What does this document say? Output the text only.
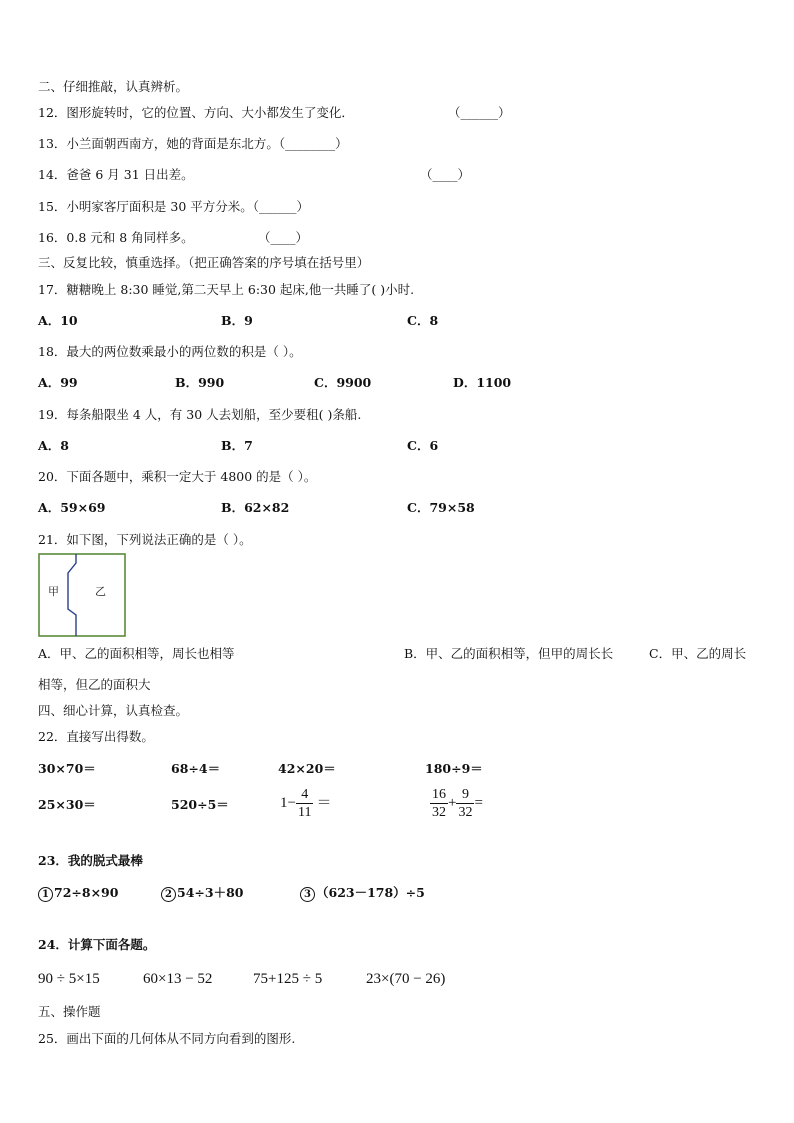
二、仔细推敲，认真辨析。
12．图形旋转时，它的位置、方向、大小都发生了变化．	（______）
13．小兰面朝西南方，她的背面是东北方。（________）
14．爸爸 6 月 31 日出差。	（____）
15．小明家客厅面积是 30 平方分米。（______）
16．0.8 元和 8 角同样多。	（____）
三、反复比较，慎重选择。（把正确答案的序号填在括号里）
17．糖糖晚上 8:30 睡觉,第二天早上 6:30 起床,他一共睡了( )小时.
A．10	B．9	C．8
18．最大的两位数乘最小的两位数的积是（ ）。
A．99	B．990	C．9900	D．1100
19．每条船限坐 4 人，有 30 人去划船，至少要租( )条船.
A．8	B．7	C．6
20．下面各题中，乘积一定大于 4800 的是（ ）。
A．59×69	B．62×82	C．79×58
21．如下图，下列说法正确的是（ ）。
甲	乙
A．甲、乙的面积相等，周长也相等	B．甲、乙的面积相等，但甲的周长长	C．甲、乙的周长
相等，但乙的面积大
四、细心计算，认真检查。
22．直接写出得数。
30×70＝	68÷4＝	42×20＝	180÷9＝
25×30＝	520÷5＝	$1- \frac{4}{11}$ ＝	$\frac{16}{32} + \frac{9}{32}$ =
23．我的脱式最棒
1 72÷8×90	2 54÷3＋80	3 （623－178）÷5
24．计算下面各题。
90 ÷ 5×15	60×13 − 52	75+125 ÷ 5	23×(70 − 26)
五、操作题
25．画出下面的几何体从不同方向看到的图形.
